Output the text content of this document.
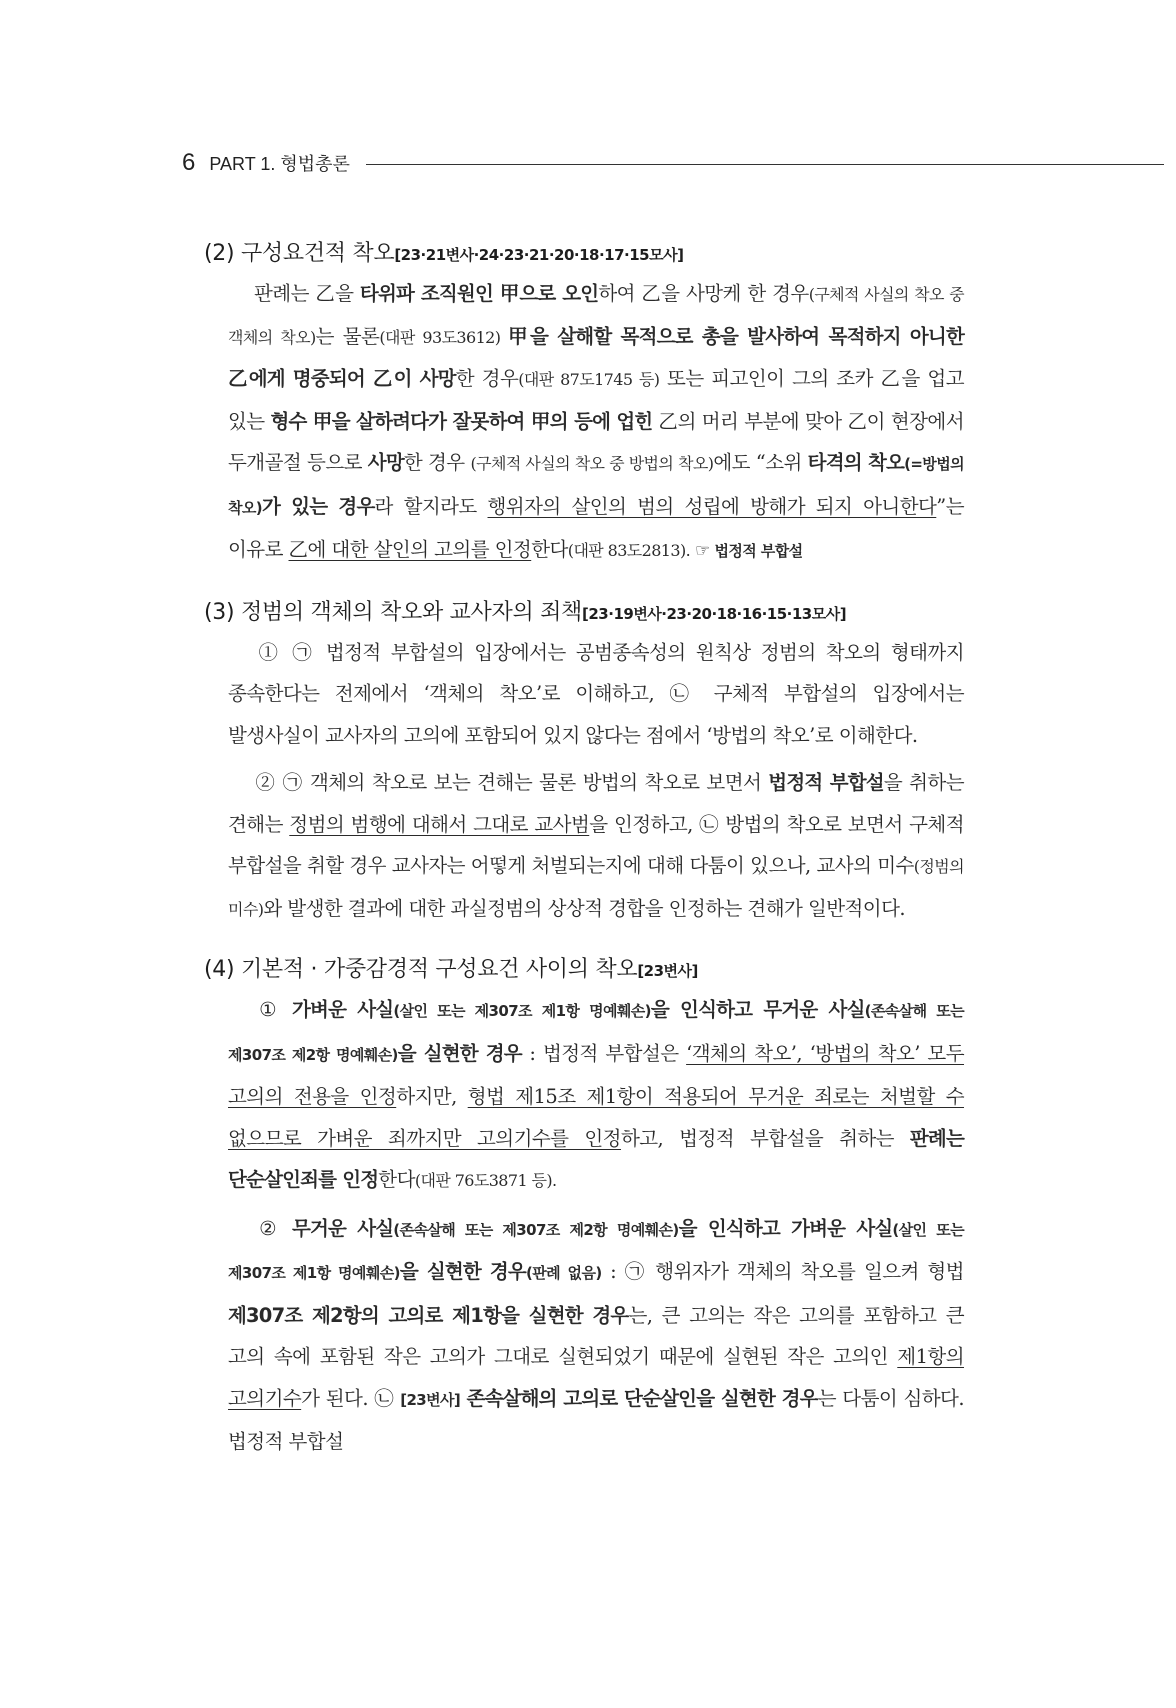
6 PART 1. 형법총론
(2) 구성요건적 착오[23·21변사·24·23·21·20·18·17·15모사]

판례는 乙을 타위파 조직원인 甲으로 오인하여 乙을 사망케 한 경우(구체적 사실의 착오 중 객체의 착오)는 물론(대판 93도3612) 甲을 살해할 목적으로 총을 발사하여 목적하지 아니한 乙에게 명중되어 乙이 사망한 경우(대판 87도1745 등) 또는 피고인이 그의 조카 乙을 업고 있는 형수 甲을 살하려다가 잘못하여 甲의 등에 업힌 乙의 머리 부분에 맞아 乙이 현장에서 두개골절 등으로 사망한 경우 (구체적 사실의 착오 중 방법의 착오)에도 “소위 타격의 착오(=방법의 착오)가 있는 경우라 할지라도 행위자의 살인의 범의 성립에 방해가 되지 아니한다”는 이유로 乙에 대한 살인의 고의를 인정한다(대판 83도2813). ☞ 법정적 부합설

(3) 정범의 객체의 착오와 교사자의 죄책[23·19변사·23·20·18·16·15·13모사]

① ㉠ 법정적 부합설의 입장에서는 공범종속성의 원칙상 정범의 착오의 형태까지 종속한다는 전제에서 ‘객체의 착오’로 이해하고, ㉡ 구체적 부합설의 입장에서는 발생사실이 교사자의 고의에 포함되어 있지 않다는 점에서 ‘방법의 착오’로 이해한다.

② ㉠ 객체의 착오로 보는 견해는 물론 방법의 착오로 보면서 법정적 부합설을 취하는 견해는 정범의 범행에 대해서 그대로 교사범을 인정하고, ㉡ 방법의 착오로 보면서 구체적 부합설을 취할 경우 교사자는 어떻게 처벌되는지에 대해 다툼이 있으나, 교사의 미수(정범의 미수)와 발생한 결과에 대한 과실정범의 상상적 경합을 인정하는 견해가 일반적이다.

(4) 기본적 · 가중감경적 구성요건 사이의 착오[23변사]

① 가벼운 사실(살인 또는 제307조 제1항 명예훼손)을 인식하고 무거운 사실(존속살해 또는 제307조 제2항 명예훼손)을 실현한 경우 : 법정적 부합설은 ‘객체의 착오’, ‘방법의 착오’ 모두 고의의 전용을 인정하지만, 형법 제15조 제1항이 적용되어 무거운 죄로는 처벌할 수 없으므로 가벼운 죄까지만 고의기수를 인정하고, 법정적 부합설을 취하는 판례는 단순살인죄를 인정한다(대판 76도3871 등).

② 무거운 사실(존속살해 또는 제307조 제2항 명예훼손)을 인식하고 가벼운 사실(살인 또는 제307조 제1항 명예훼손)을 실현한 경우(판례 없음) : ㉠ 행위자가 객체의 착오를 일으켜 형법 제307조 제2항의 고의로 제1항을 실현한 경우는, 큰 고의는 작은 고의를 포함하고 큰 고의 속에 포함된 작은 고의가 그대로 실현되었기 때문에 실현된 작은 고의인 제1항의 고의기수가 된다. ㉡ [23변사] 존속살해의 고의로 단순살인을 실현한 경우는 다툼이 심하다. 법정적 부합설
